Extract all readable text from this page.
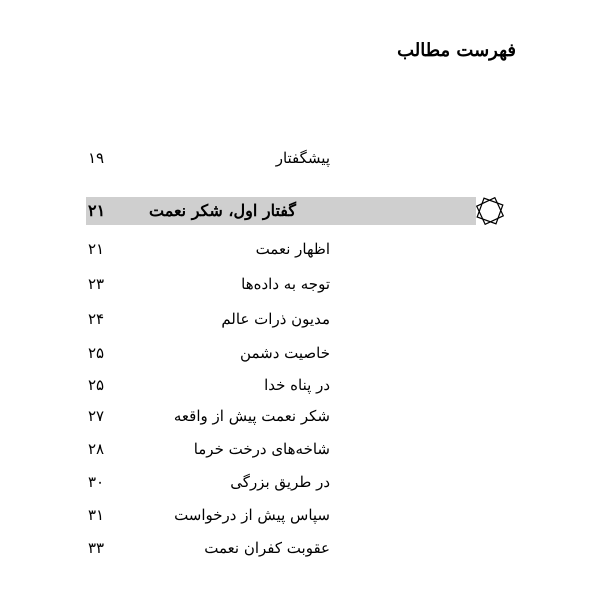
فهرست مطالب
پیشگفتار
۱۹
گفتار اول، شکر نعمت
۲۱
اظهار نعمت
۲۱
توجه به داده‌ها
۲۳
مدیون ذرات عالم
۲۴
خاصیت دشمن
۲۵
در پناه خدا
۲۵
شکر نعمت پیش از واقعه
۲۷
شاخه‌های درخت خرما
۲۸
در طریق بزرگی
۳۰
سپاس پیش از درخواست
۳۱
عقوبت کفران نعمت
۳۳
